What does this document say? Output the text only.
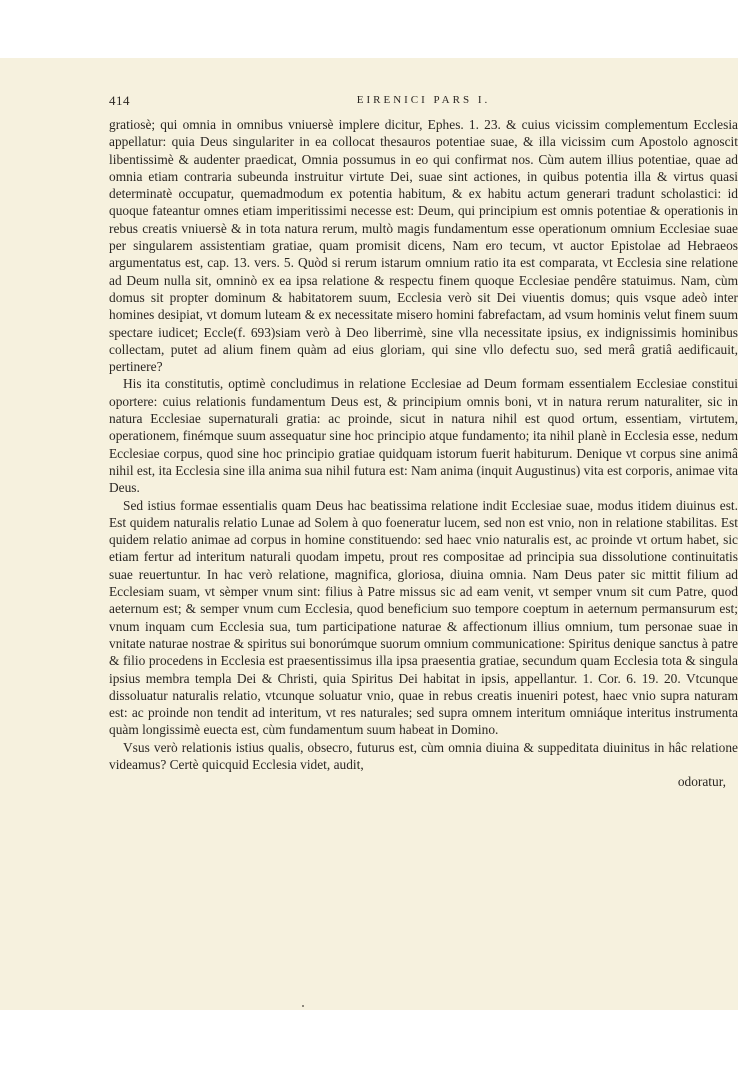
414	EIRENICI PARS I.

gratiosè; qui omnia in omnibus vniuersè implere dicitur, Ephes. 1. 23. & cuius vicissim complementum Ecclesia appellatur: quia Deus singulariter in ea collocat thesauros potentiae suae, & illa vicissim cum Apostolo agnoscit libentissimè & audenter praedicat, Omnia possumus in eo qui confirmat nos. Cùm autem illius potentiae, quae ad omnia etiam contraria subeunda instruitur virtute Dei, suae sint actiones, in quibus potentia illa & virtus quasi determinatè occupatur, quemadmodum ex potentia habitum, & ex habitu actum generari tradunt scholastici: id quoque fateantur omnes etiam imperitissimi necesse est: Deum, qui principium est omnis potentiae & operationis in rebus creatis vniuersè & in tota natura rerum, multò magis fundamentum esse operationum omnium Ecclesiae suae per singularem assistentiam gratiae, quam promisit dicens, Nam ero tecum, vt auctor Epistolae ad Hebraeos argumentatus est, cap. 13. vers. 5. Quòd si rerum istarum omnium ratio ita est comparata, vt Ecclesia sine relatione ad Deum nulla sit, omninò ex ea ipsa relatione & respectu finem quoque Ecclesiae pendêre statuimus. Nam, cùm domus sit propter dominum & habitatorem suum, Ecclesia verò sit Dei viuentis domus; quis vsque adeò inter homines desipiat, vt domum luteam & ex necessitate misero homini fabrefactam, ad vsum hominis velut finem suum spectare iudicet; Eccle(f. 693)siam verò à Deo liberrimè, sine vlla necessitate ipsius, ex indignissimis hominibus collectam, putet ad alium finem quàm ad eius gloriam, qui sine vllo defectu suo, sed merâ gratiâ aedificauit, pertinere?

His ita constitutis, optimè concludimus in relatione Ecclesiae ad Deum formam essentialem Ecclesiae constitui oportere: cuius relationis fundamentum Deus est, & principium omnis boni, vt in natura rerum naturaliter, sic in natura Ecclesiae supernaturali gratia: ac proinde, sicut in natura nihil est quod ortum, essentiam, virtutem, operationem, finémque suum assequatur sine hoc principio atque fundamento; ita nihil planè in Ecclesia esse, nedum Ecclesiae corpus, quod sine hoc principio gratiae quidquam istorum fuerit habiturum. Denique vt corpus sine animâ nihil est, ita Ecclesia sine illa anima sua nihil futura est: Nam anima (inquit Augustinus) vita est corporis, animae vita Deus.

Sed istius formae essentialis quam Deus hac beatissima relatione indit Ecclesiae suae, modus itidem diuinus est. Est quidem naturalis relatio Lunae ad Solem à quo foeneratur lucem, sed non est vnio, non in relatione stabilitas. Est quidem relatio animae ad corpus in homine constituendo: sed haec vnio naturalis est, ac proinde vt ortum habet, sic etiam fertur ad interitum naturali quodam impetu, prout res compositae ad principia sua dissolutione continuitatis suae reuertuntur. In hac verò relatione, magnifica, gloriosa, diuina omnia. Nam Deus pater sic mittit filium ad Ecclesiam suam, vt sèmper vnum sint: filius à Patre missus sic ad eam venit, vt semper vnum sit cum Patre, quod aeternum est; & semper vnum cum Ecclesia, quod beneficium suo tempore coeptum in aeternum permansurum est; vnum inquam cum Ecclesia sua, tum participatione naturae & affectionum illius omnium, tum personae suae in vnitate naturae nostrae & spiritus sui bonorúmque suorum omnium communicatione: Spiritus denique sanctus à patre & filio procedens in Ecclesia est praesentissimus illa ipsa praesentia gratiae, secundum quam Ecclesia tota & singula ipsius membra templa Dei & Christi, quia Spiritus Dei habitat in ipsis, appellantur. 1. Cor. 6. 19. 20. Vtcunque dissoluatur naturalis relatio, vtcunque soluatur vnio, quae in rebus creatis inueniri potest, haec vnio supra naturam est: ac proinde non tendit ad interitum, vt res naturales; sed supra omnem interitum omniáque interitus instrumenta quàm longissimè euecta est, cùm fundamentum suum habeat in Domino.

Vsus verò relationis istius qualis, obsecro, futurus est, cùm omnia diuina & suppeditata diuinitus in hâc relatione videamus? Certè quicquid Ecclesia videt, audit,

odoratur,
